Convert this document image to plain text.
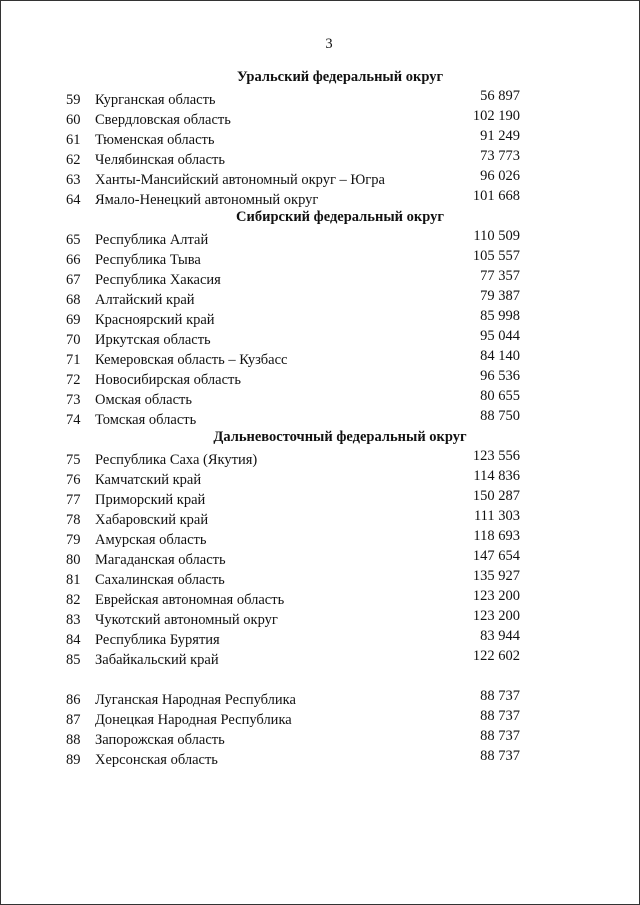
3
Уральский федеральный округ
59 Курганская область	56 897
60 Свердловская область	102 190
61 Тюменская область	91 249
62 Челябинская область	73 773
63 Ханты-Мансийский автономный округ – Югра	96 026
64 Ямало-Ненецкий автономный округ	101 668
Сибирский федеральный округ
65 Республика Алтай	110 509
66 Республика Тыва	105 557
67 Республика Хакасия	77 357
68 Алтайский край	79 387
69 Красноярский край	85 998
70 Иркутская область	95 044
71 Кемеровская область – Кузбасс	84 140
72 Новосибирская область	96 536
73 Омская область	80 655
74 Томская область	88 750
Дальневосточный федеральный округ
75 Республика Саха (Якутия)	123 556
76 Камчатский край	114 836
77 Приморский край	150 287
78 Хабаровский край	111 303
79 Амурская область	118 693
80 Магаданская область	147 654
81 Сахалинская область	135 927
82 Еврейская автономная область	123 200
83 Чукотский автономный округ	123 200
84 Республика Бурятия	83 944
85 Забайкальский край	122 602
86 Луганская Народная Республика	88 737
87 Донецкая Народная Республика	88 737
88 Запорожская область	88 737
89 Херсонская область	88 737
